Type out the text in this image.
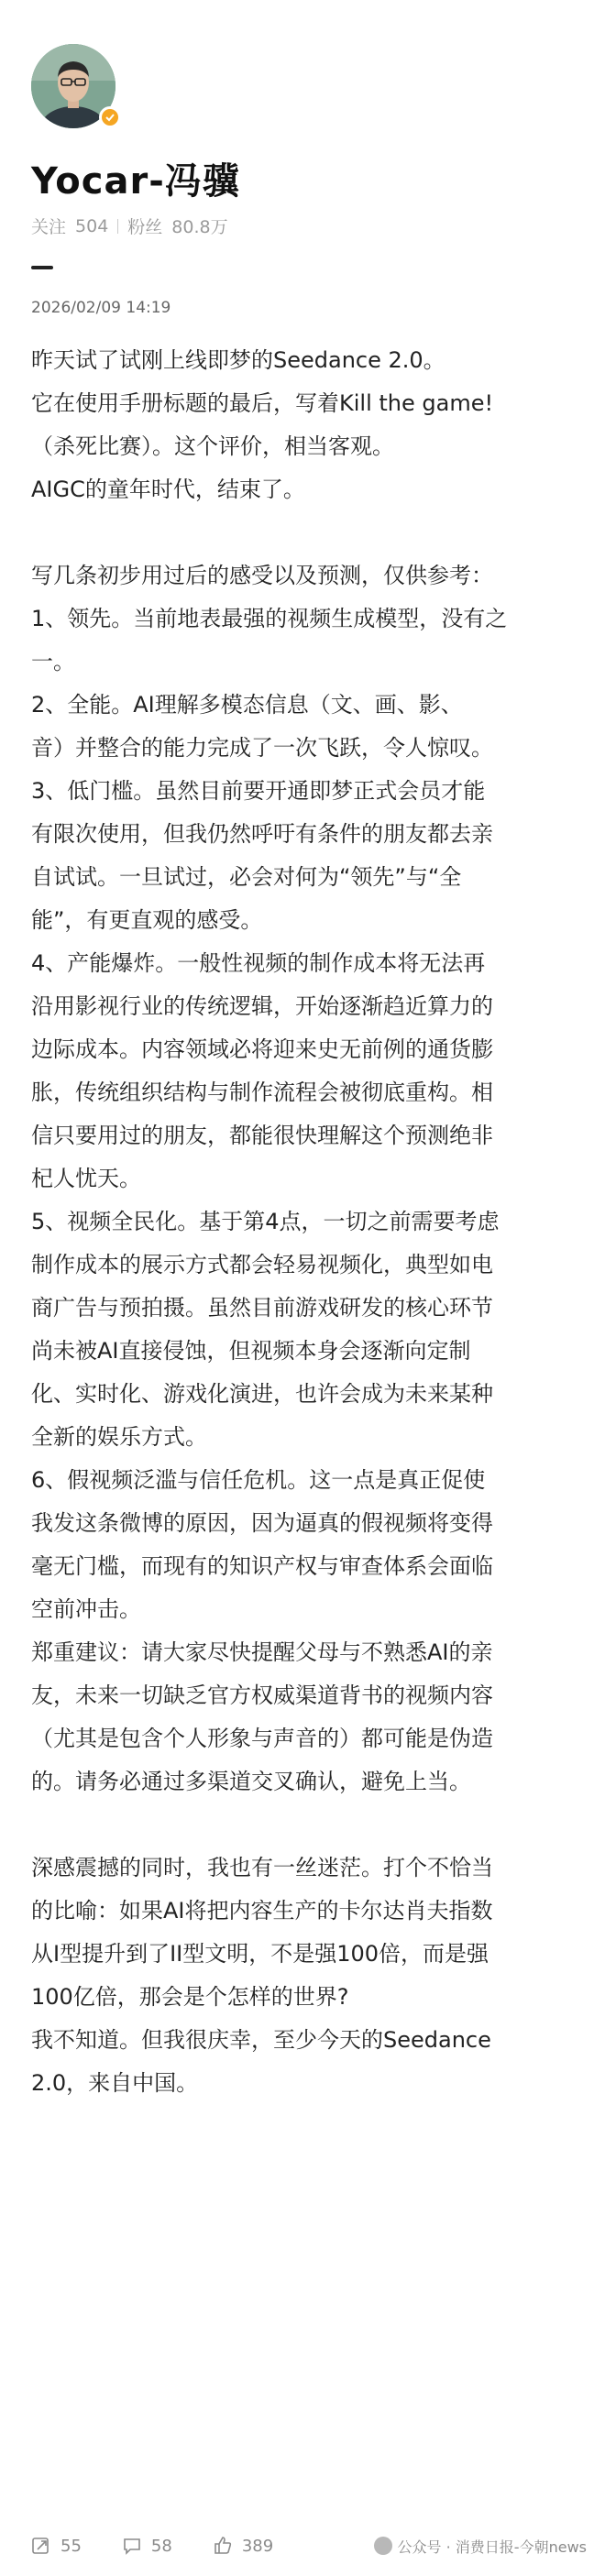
Yocar-冯骥
关注 504 粉丝 80.8万
2026/02/09 14:19
昨天试了试刚上线即梦的Seedance 2.0。
它在使用手册标题的最后，写着Kill the game!
（杀死比赛）。这个评价，相当客观。
AIGC的童年时代，结束了。
写几条初步用过后的感受以及预测，仅供参考：
1、领先。当前地表最强的视频生成模型，没有之
一。
2、全能。AI理解多模态信息（文、画、影、
音）并整合的能力完成了一次飞跃，令人惊叹。
3、低门槛。虽然目前要开通即梦正式会员才能
有限次使用，但我仍然呼吁有条件的朋友都去亲
自试试。一旦试过，必会对何为“领先”与“全
能”，有更直观的感受。
4、产能爆炸。一般性视频的制作成本将无法再
沿用影视行业的传统逻辑，开始逐渐趋近算力的
边际成本。内容领域必将迎来史无前例的通货膨
胀，传统组织结构与制作流程会被彻底重构。相
信只要用过的朋友，都能很快理解这个预测绝非
杞人忧天。
5、视频全民化。基于第4点，一切之前需要考虑
制作成本的展示方式都会轻易视频化，典型如电
商广告与预拍摄。虽然目前游戏研发的核心环节
尚未被AI直接侵蚀，但视频本身会逐渐向定制
化、实时化、游戏化演进，也许会成为未来某种
全新的娱乐方式。
6、假视频泛滥与信任危机。这一点是真正促使
我发这条微博的原因，因为逼真的假视频将变得
毫无门槛，而现有的知识产权与审查体系会面临
空前冲击。
郑重建议：请大家尽快提醒父母与不熟悉AI的亲
友，未来一切缺乏官方权威渠道背书的视频内容
（尤其是包含个人形象与声音的）都可能是伪造
的。请务必通过多渠道交叉确认，避免上当。
深感震撼的同时，我也有一丝迷茫。打个不恰当
的比喻：如果AI将把内容生产的卡尔达肖夫指数
从I型提升到了II型文明，不是强100倍，而是强
100亿倍，那会是个怎样的世界?
我不知道。但我很庆幸，至少今天的Seedance
2.0，来自中国。
55	58	389	公众号 · 消费日报-今朝news
